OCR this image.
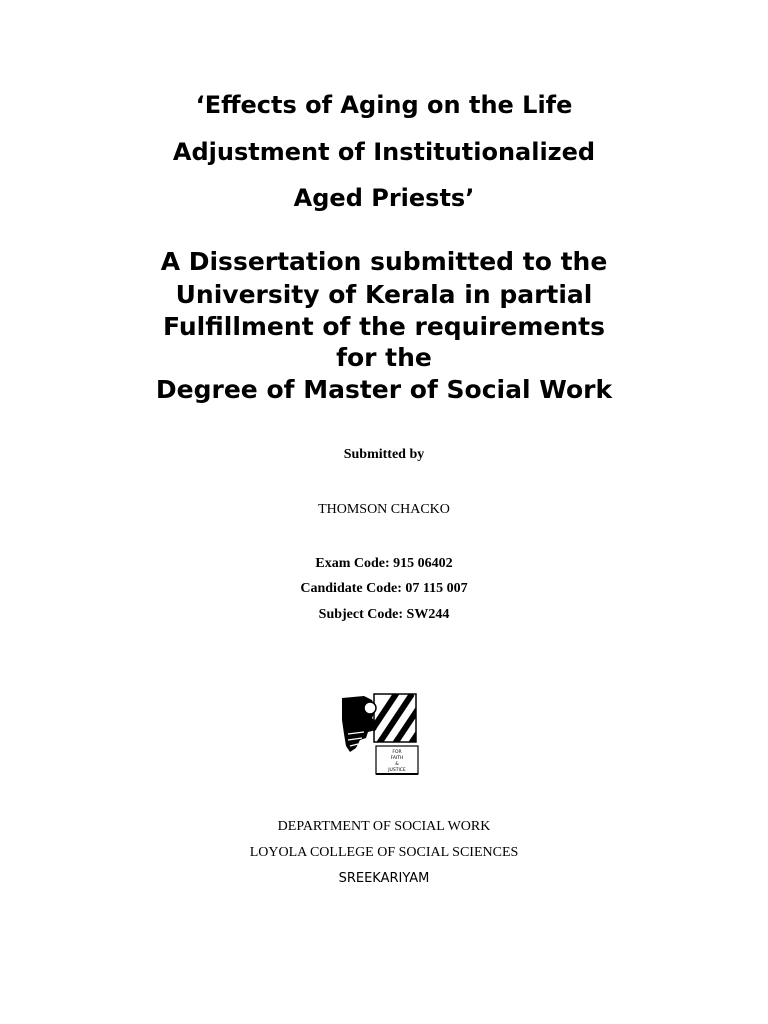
‘Effects of Aging on the Life
Adjustment of Institutionalized
Aged Priests’
A Dissertation submitted to the
University of Kerala in partial
Fulfillment of the requirements
for the
Degree of Master of Social Work
Submitted by
THOMSON CHACKO
Exam Code: 915 06402
Candidate Code: 07 115 007
Subject Code: SW244
FOR
FAITH
&
JUSTICE
DEPARTMENT OF SOCIAL WORK
LOYOLA COLLEGE OF SOCIAL SCIENCES
SREEKARIYAM
